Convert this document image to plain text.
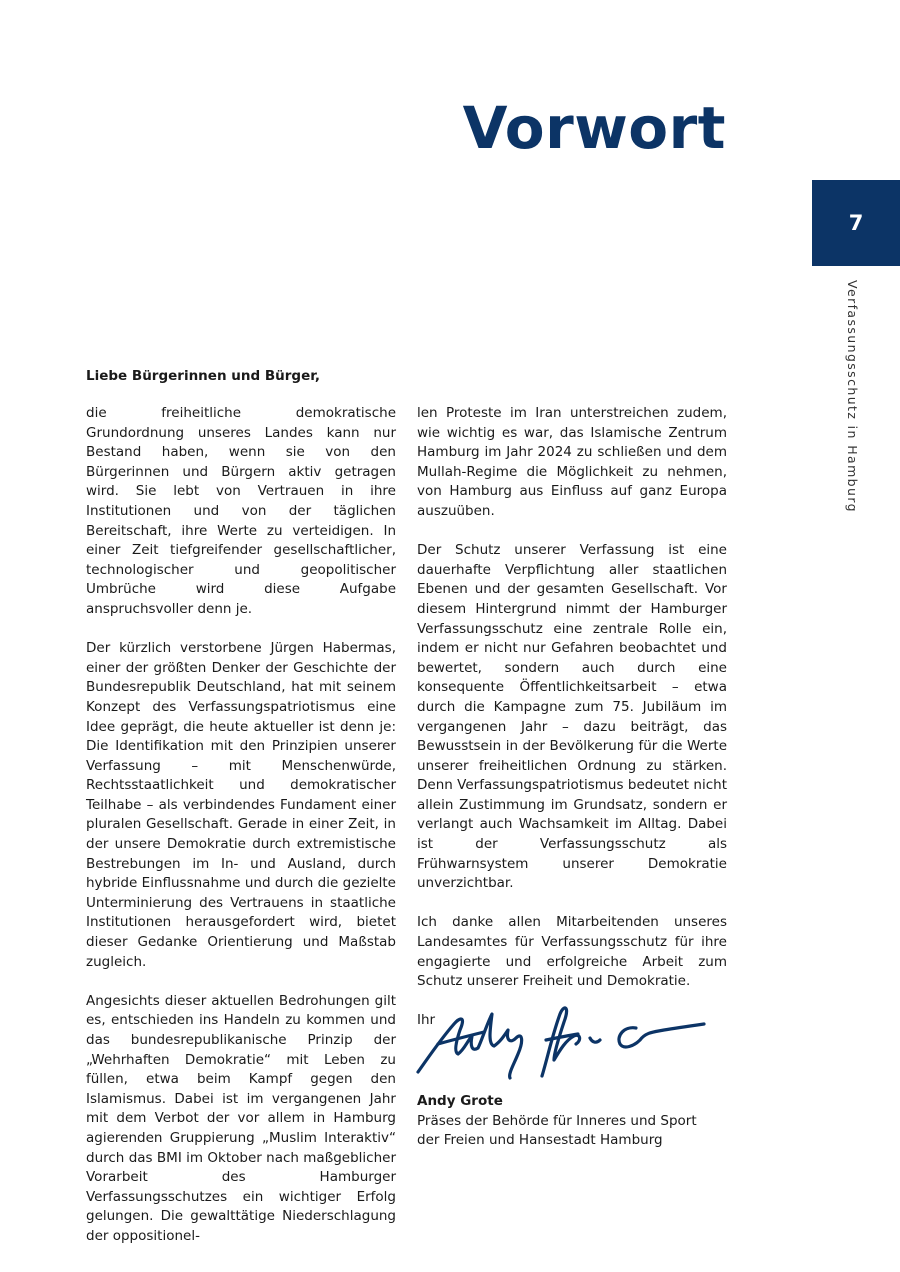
Vorwort
7
Verfassungsschutz in Hamburg
Liebe Bürgerinnen und Bürger,

die freiheitliche demokratische Grundordnung unseres Landes kann nur Bestand haben, wenn sie von den Bürgerinnen und Bürgern aktiv getragen wird. Sie lebt von Vertrauen in ihre Institutionen und von der täglichen Bereitschaft, ihre Werte zu verteidigen. In einer Zeit tiefgreifender gesellschaftlicher, technologischer und geopolitischer Umbrüche wird diese Aufgabe anspruchsvoller denn je.

Der kürzlich verstorbene Jürgen Habermas, einer der größten Denker der Geschichte der Bundesrepublik Deutschland, hat mit seinem Konzept des Verfassungspatriotismus eine Idee geprägt, die heute aktueller ist denn je: Die Identifikation mit den Prinzipien unserer Verfassung – mit Menschenwürde, Rechtsstaatlichkeit und demokratischer Teilhabe – als verbindendes Fundament einer pluralen Gesellschaft. Gerade in einer Zeit, in der unsere Demokratie durch extremistische Bestrebungen im In- und Ausland, durch hybride Einflussnahme und durch die gezielte Unterminierung des Vertrauens in staatliche Institutionen herausgefordert wird, bietet dieser Gedanke Orientierung und Maßstab zugleich.

Angesichts dieser aktuellen Bedrohungen gilt es, entschieden ins Handeln zu kommen und das bundesrepublikanische Prinzip der „Wehrhaften Demokratie“ mit Leben zu füllen, etwa beim Kampf gegen den Islamismus. Dabei ist im vergangenen Jahr mit dem Verbot der vor allem in Hamburg agierenden Gruppierung „Muslim Interaktiv“ durch das BMI im Oktober nach maßgeblicher Vorarbeit des Hamburger Verfassungsschutzes ein wichtiger Erfolg gelungen. Die gewalttätige Niederschlagung der oppositionel-

len Proteste im Iran unterstreichen zudem, wie wichtig es war, das Islamische Zentrum Hamburg im Jahr 2024 zu schließen und dem Mullah-Regime die Möglichkeit zu nehmen, von Hamburg aus Einfluss auf ganz Europa auszuüben.

Der Schutz unserer Verfassung ist eine dauerhafte Verpflichtung aller staatlichen Ebenen und der gesamten Gesellschaft. Vor diesem Hintergrund nimmt der Hamburger Verfassungsschutz eine zentrale Rolle ein, indem er nicht nur Gefahren beobachtet und bewertet, sondern auch durch eine konsequente Öffentlichkeitsarbeit – etwa durch die Kampagne zum 75. Jubiläum im vergangenen Jahr – dazu beiträgt, das Bewusstsein in der Bevölkerung für die Werte unserer freiheitlichen Ordnung zu stärken. Denn Verfassungspatriotismus bedeutet nicht allein Zustimmung im Grundsatz, sondern er verlangt auch Wachsamkeit im Alltag. Dabei ist der Verfassungsschutz als Frühwarnsystem unserer Demokratie unverzichtbar.

Ich danke allen Mitarbeitenden unseres Landesamtes für Verfassungsschutz für ihre engagierte und erfolgreiche Arbeit zum Schutz unserer Freiheit und Demokratie.

Ihr

Andy Grote
Präses der Behörde für Inneres und Sport
der Freien und Hansestadt Hamburg
